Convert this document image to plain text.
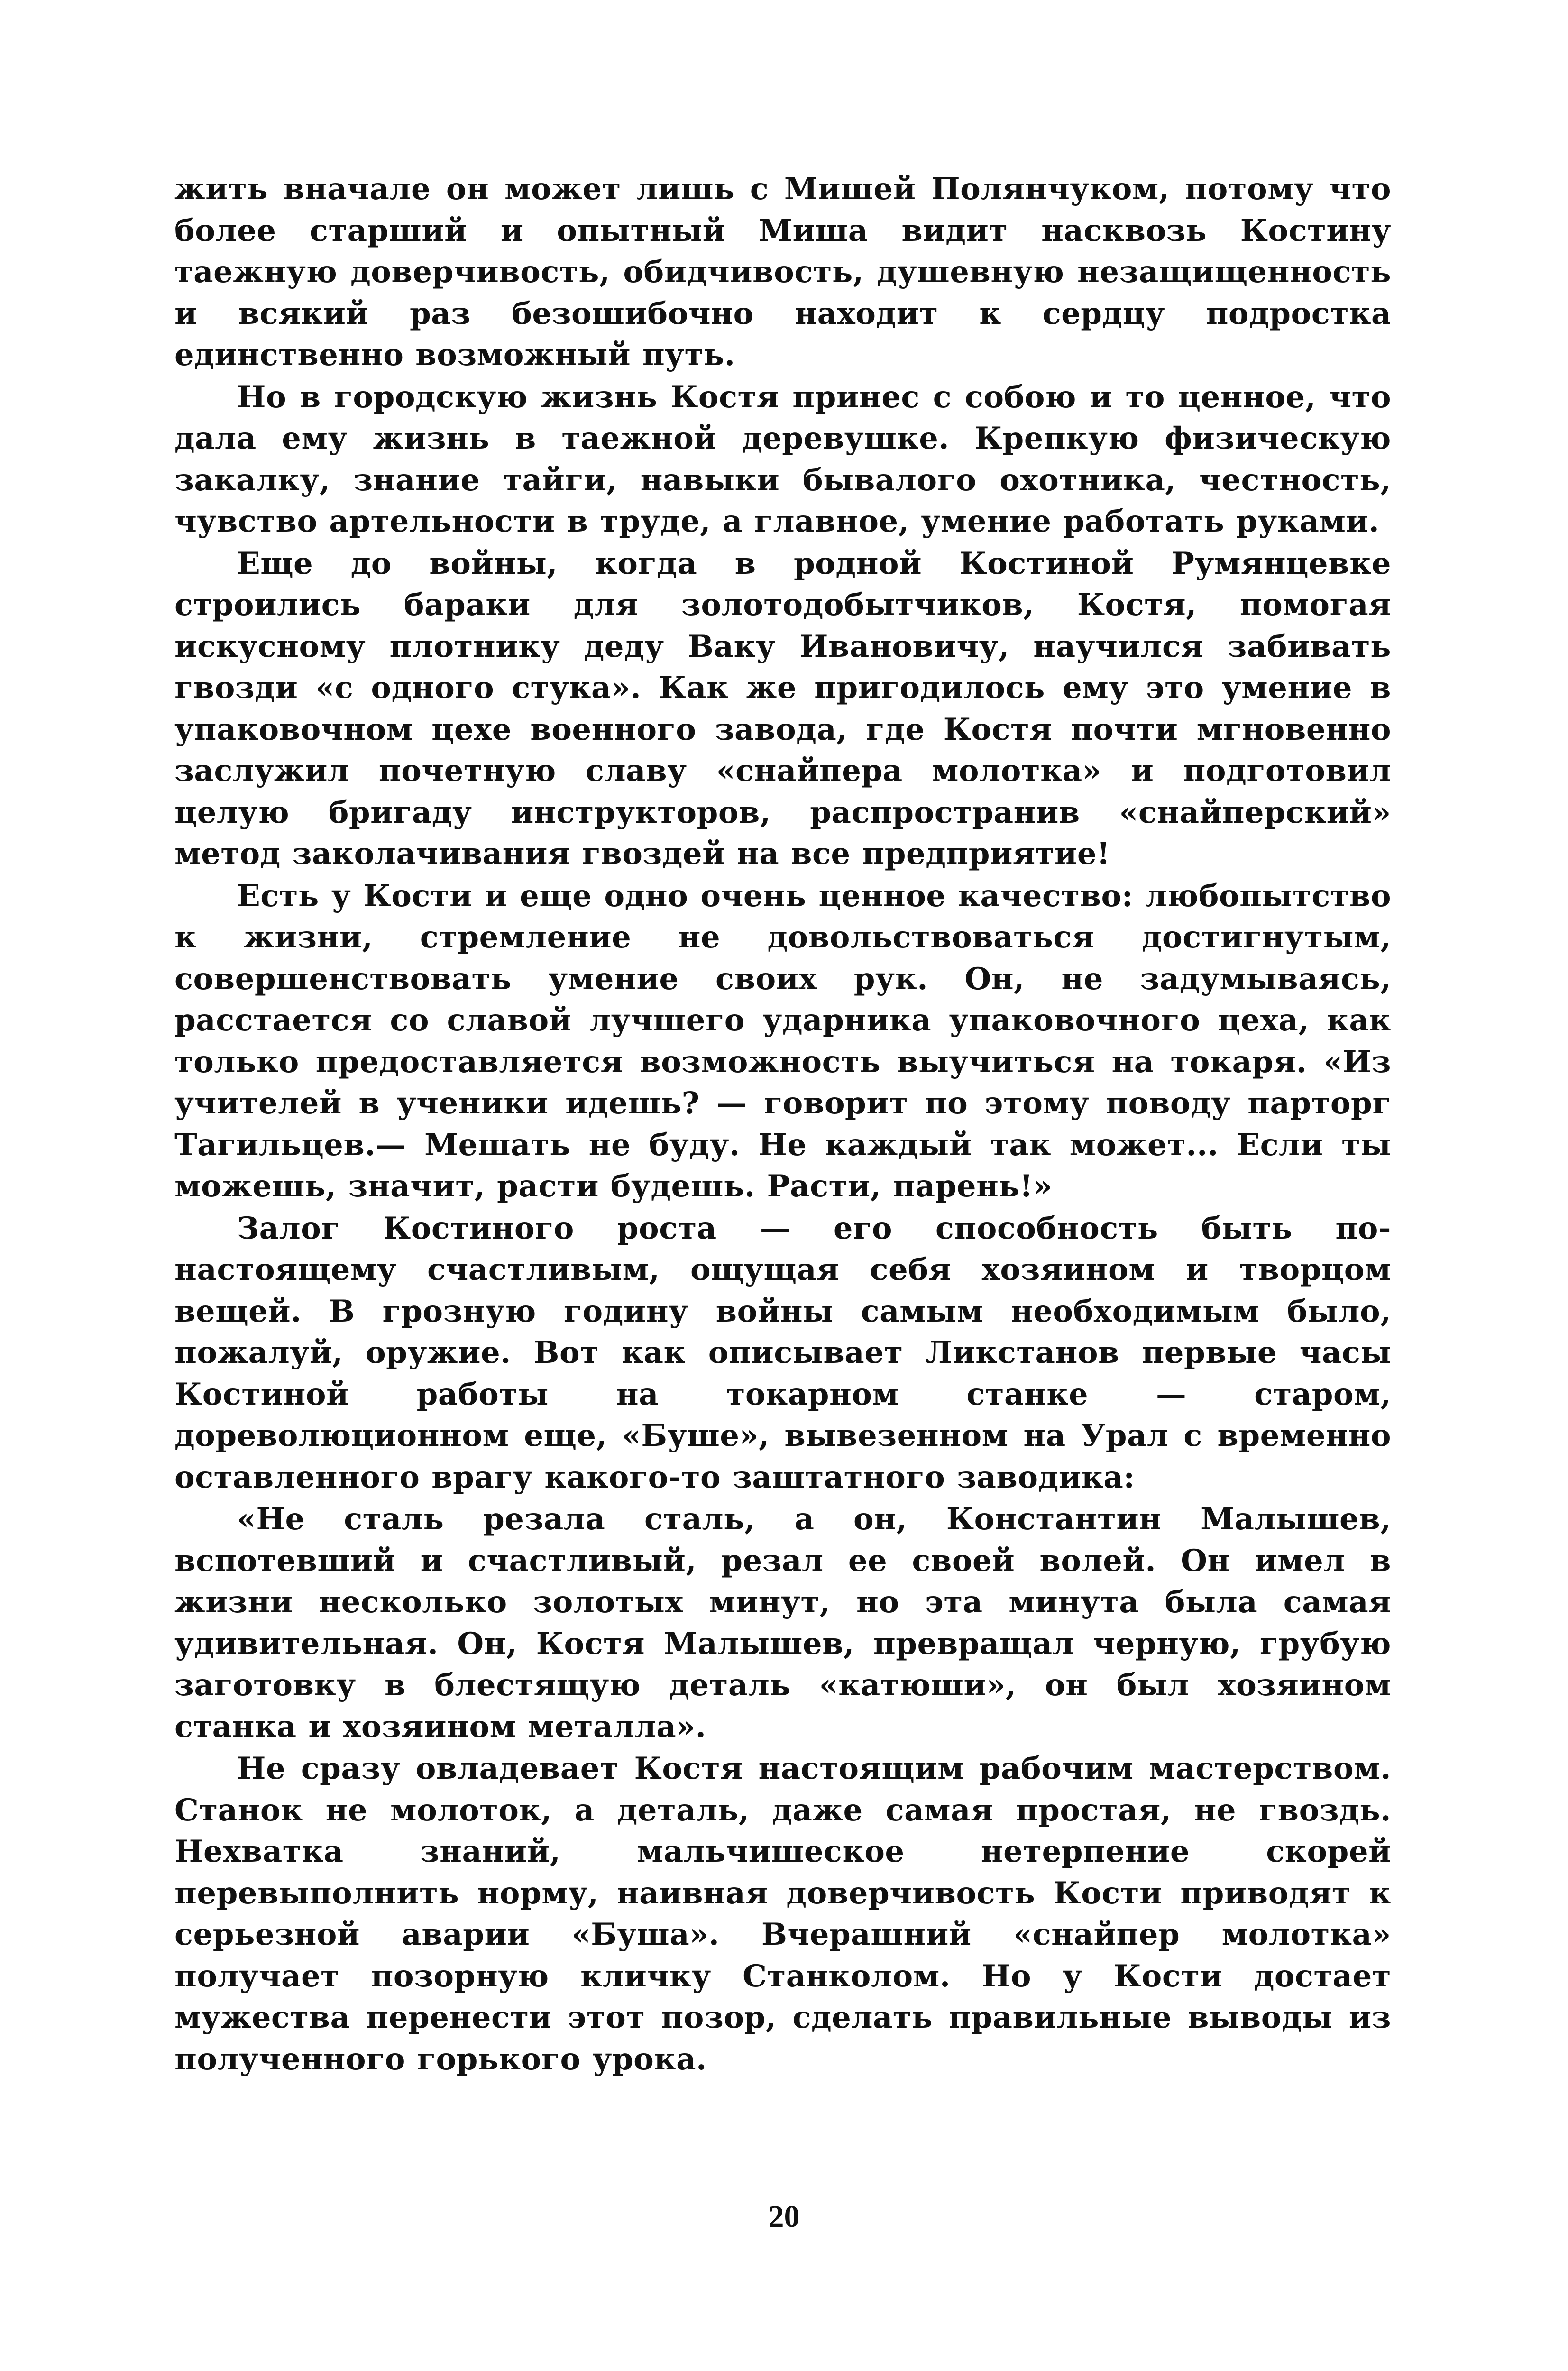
жить вначале он может лишь с Мишей Полянчуком, потому что более старший и опытный Миша видит насквозь Костину таежную доверчивость, обидчивость, душевную незащищенность и всякий раз безошибочно находит к сердцу подростка единственно возможный путь.

Но в городскую жизнь Костя принес с собою и то ценное, что дала ему жизнь в таежной деревушке. Крепкую физическую закалку, знание тайги, навыки бывалого охотника, честность, чувство артельности в труде, а главное, умение работать руками.

Еще до войны, когда в родной Костиной Румянцевке строились бараки для золотодобытчиков, Костя, помогая искусному плотнику деду Ваку Ивановичу, научился забивать гвозди «с одного стука». Как же пригодилось ему это умение в упаковочном цехе военного завода, где Костя почти мгновенно заслужил почетную славу «снайпера молотка» и подготовил целую бригаду инструкторов, распространив «снайперский» метод заколачивания гвоздей на все предприятие!

Есть у Кости и еще одно очень ценное качество: любопытство к жизни, стремление не довольствоваться достигнутым, совершенствовать умение своих рук. Он, не задумываясь, расстается со славой лучшего ударника упаковочного цеха, как только предоставляется возможность выучиться на токаря. «Из учителей в ученики идешь? — говорит по этому поводу парторг Тагильцев.— Мешать не буду. Не каждый так может... Если ты можешь, значит, расти будешь. Расти, парень!»

Залог Костиного роста — его способность быть по-настоящему счастливым, ощущая себя хозяином и творцом вещей. В грозную годину войны самым необходимым было, пожалуй, оружие. Вот как описывает Ликстанов первые часы Костиной работы на токарном станке — старом, дореволюционном еще, «Буше», вывезенном на Урал с временно оставленного врагу какого-то заштатного заводика:

«Не сталь резала сталь, а он, Константин Малышев, вспотевший и счастливый, резал ее своей волей. Он имел в жизни несколько золотых минут, но эта минута была самая удивительная. Он, Костя Малышев, превращал черную, грубую заготовку в блестящую деталь «катюши», он был хозяином станка и хозяином металла».

Не сразу овладевает Костя настоящим рабочим мастерством. Станок не молоток, а деталь, даже самая простая, не гвоздь. Нехватка знаний, мальчишеское нетерпение скорей перевыполнить норму, наивная доверчивость Кости приводят к серьезной аварии «Буша». Вчерашний «снайпер молотка» получает позорную кличку Станколом. Но у Кости достает мужества перенести этот позор, сделать правильные выводы из полученного горького урока.

20
